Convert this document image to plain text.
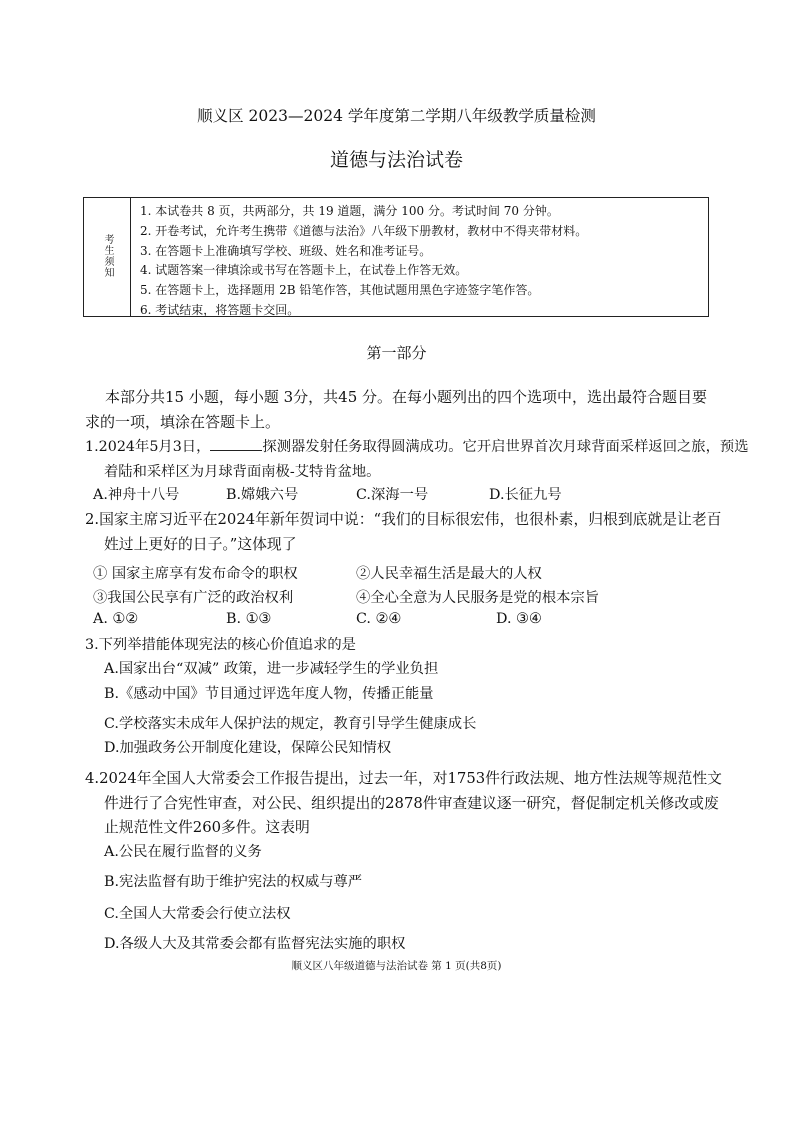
顺义区 2023—2024 学年度第二学期八年级教学质量检测
道德与法治试卷
考生须知
1. 本试卷共 8 页，共两部分，共 19 道题，满分 100 分。考试时间 70 分钟。
2. 开卷考试，允许考生携带《道德与法治》八年级下册教材，教材中不得夹带材料。
3. 在答题卡上准确填写学校、班级、姓名和准考证号。
4. 试题答案一律填涂或书写在答题卡上，在试卷上作答无效。
5. 在答题卡上，选择题用 2B 铅笔作答，其他试题用黑色字迹签字笔作答。
6. 考试结束，将答题卡交回。
第一部分
本部分共15 小题，每小题 3分，共45 分。在每小题列出的四个选项中，选出最符合题目要
求的一项，填涂在答题卡上。
1.2024年5月3日，	探测器发射任务取得圆满成功。它开启世界首次月球背面采样返回之旅，预选
着陆和采样区为月球背面南极-艾特肯盆地。
A.神舟十八号	B.嫦娥六号	C.深海一号	D.长征九号
2.国家主席习近平在2024年新年贺词中说：“我们的目标很宏伟，也很朴素，归根到底就是让老百
姓过上更好的日子。”这体现了
① 国家主席享有发布命令的职权	②人民幸福生活是最大的人权
③我国公民享有广泛的政治权利	④全心全意为人民服务是党的根本宗旨
A. ①②	B. ①③	C. ②④	D. ③④
3.下列举措能体现宪法的核心价值追求的是
A.国家出台“双减” 政策，进一步减轻学生的学业负担
B.《感动中国》节目通过评选年度人物，传播正能量
C.学校落实未成年人保护法的规定，教育引导学生健康成长
D.加强政务公开制度化建设，保障公民知情权
4.2024年全国人大常委会工作报告提出，过去一年，对1753件行政法规、地方性法规等规范性文
件进行了合宪性审查，对公民、组织提出的2878件审查建议逐一研究，督促制定机关修改或废
止规范性文件260多件。这表明
A.公民在履行监督的义务
B.宪法监督有助于维护宪法的权威与尊严
C.全国人大常委会行使立法权
D.各级人大及其常委会都有监督宪法实施的职权
顺义区八年级道德与法治试卷 第 1 页(共8页)
